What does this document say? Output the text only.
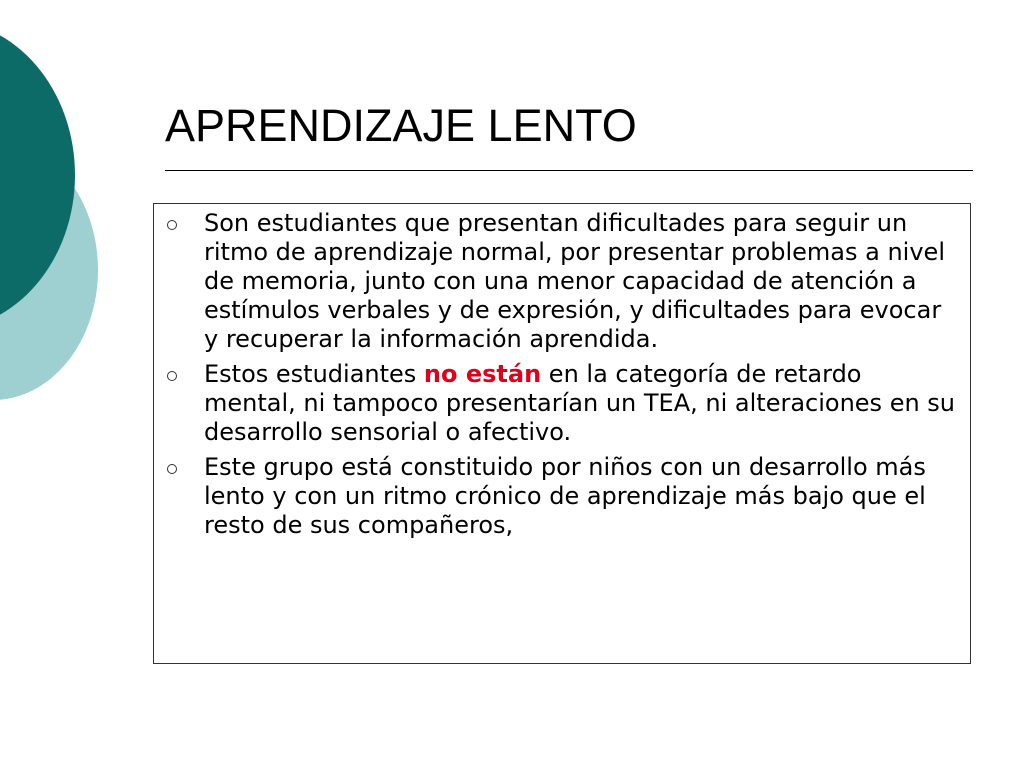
APRENDIZAJE LENTO
Son estudiantes que presentan dificultades para seguir un ritmo de aprendizaje normal, por presentar problemas a nivel de memoria, junto con una menor capacidad de atención a estímulos verbales y de expresión, y dificultades para evocar y recuperar la información aprendida.
Estos estudiantes no están en la categoría de retardo mental, ni tampoco presentarían un TEA, ni alteraciones en su desarrollo sensorial o afectivo.
Este grupo está constituido por niños con un desarrollo más lento y con un ritmo crónico de aprendizaje más bajo que el resto de sus compañeros,
